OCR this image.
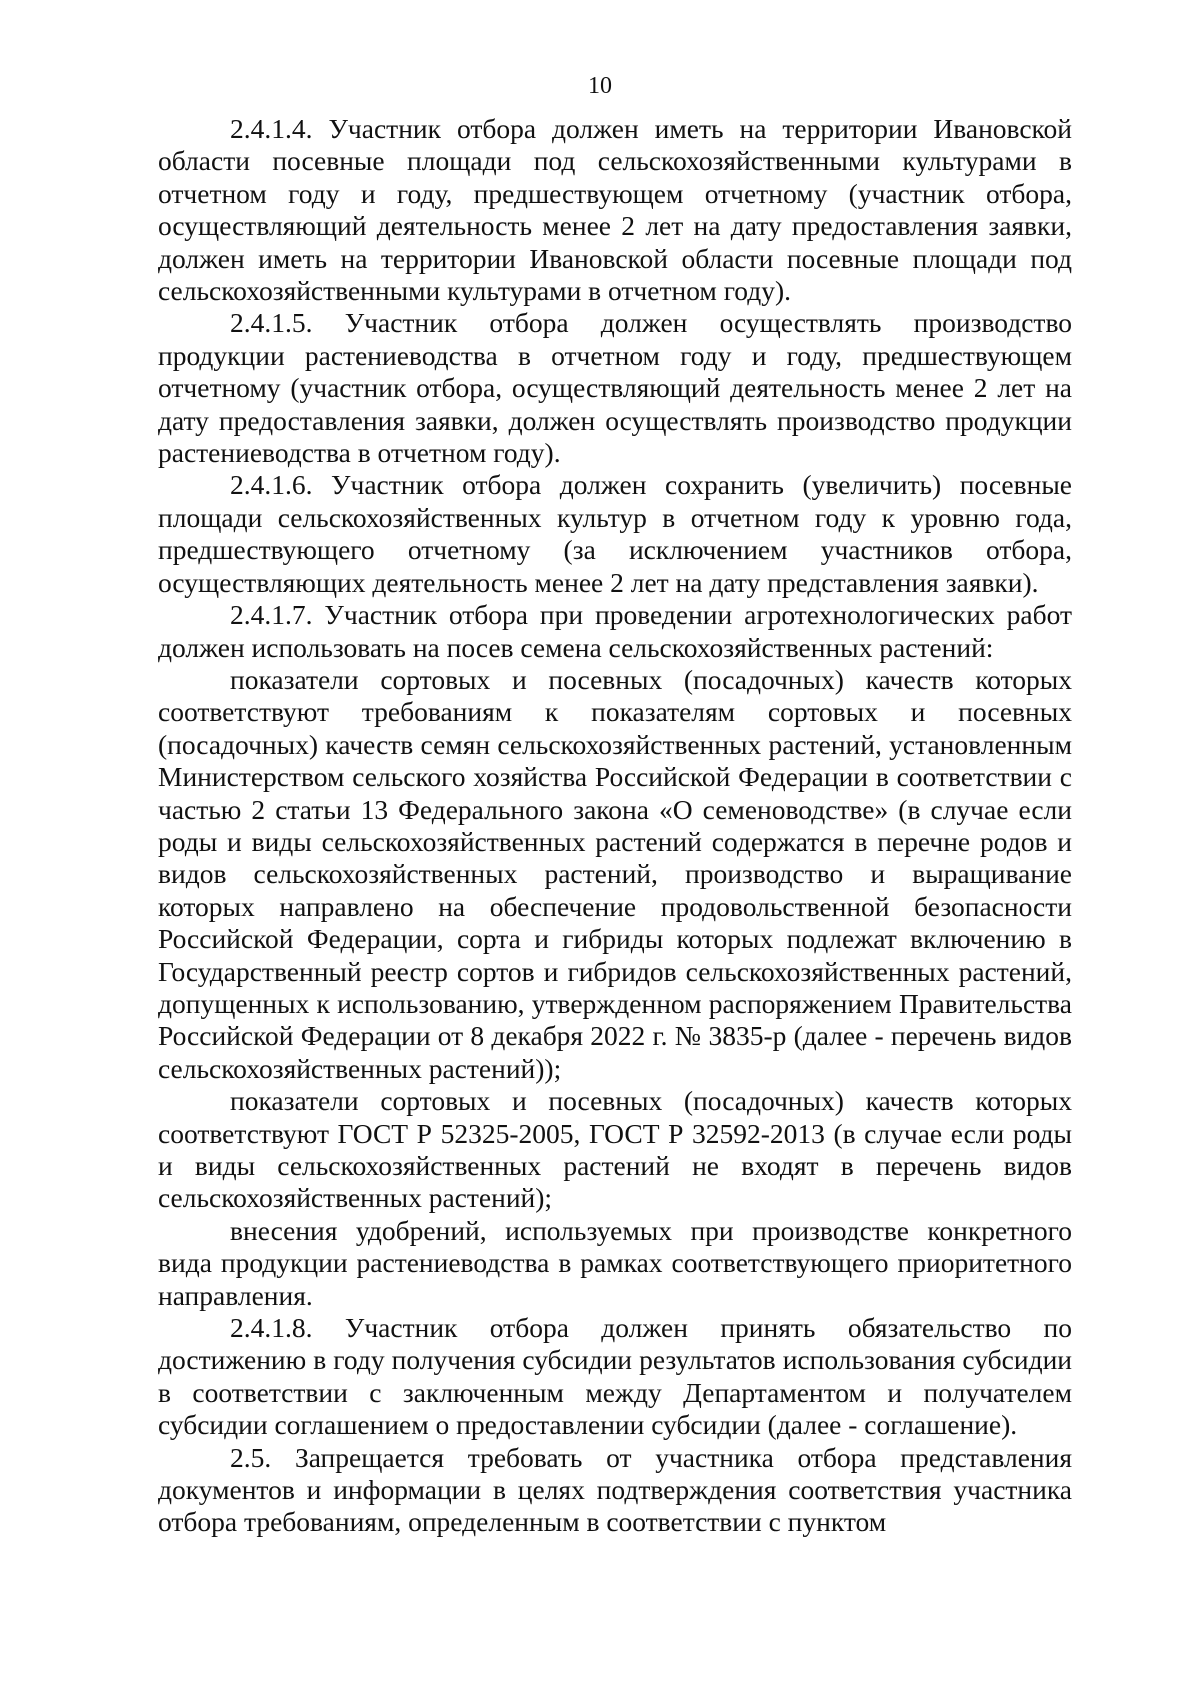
10

2.4.1.4. Участник отбора должен иметь на территории Ивановской области посевные площади под сельскохозяйственными культурами в отчетном году и году, предшествующем отчетному (участник отбора, осуществляющий деятельность менее 2 лет на дату предоставления заявки, должен иметь на территории Ивановской области посевные площади под сельскохозяйственными культурами в отчетном году).

2.4.1.5. Участник отбора должен осуществлять производство продукции растениеводства в отчетном году и году, предшествующем отчетному (участник отбора, осуществляющий деятельность менее 2 лет на дату предоставления заявки, должен осуществлять производство продукции растениеводства в отчетном году).

2.4.1.6. Участник отбора должен сохранить (увеличить) посевные площади сельскохозяйственных культур в отчетном году к уровню года, предшествующего отчетному (за исключением участников отбора, осуществляющих деятельность менее 2 лет на дату представления заявки).

2.4.1.7. Участник отбора при проведении агротехнологических работ должен использовать на посев семена сельскохозяйственных растений:

показатели сортовых и посевных (посадочных) качеств которых соответствуют требованиям к показателям сортовых и посевных (посадочных) качеств семян сельскохозяйственных растений, установленным Министерством сельского хозяйства Российской Федерации в соответствии с частью 2 статьи 13 Федерального закона «О семеноводстве» (в случае если роды и виды сельскохозяйственных растений содержатся в перечне родов и видов сельскохозяйственных растений, производство и выращивание которых направлено на обеспечение продовольственной безопасности Российской Федерации, сорта и гибриды которых подлежат включению в Государственный реестр сортов и гибридов сельскохозяйственных растений, допущенных к использованию, утвержденном распоряжением Правительства Российской Федерации от 8 декабря 2022 г. № 3835-р (далее - перечень видов сельскохозяйственных растений));

показатели сортовых и посевных (посадочных) качеств которых соответствуют ГОСТ Р 52325-2005, ГОСТ Р 32592-2013 (в случае если роды и виды сельскохозяйственных растений не входят в перечень видов сельскохозяйственных растений);

внесения удобрений, используемых при производстве конкретного вида продукции растениеводства в рамках соответствующего приоритетного направления.

2.4.1.8. Участник отбора должен принять обязательство по достижению в году получения субсидии результатов использования субсидии в соответствии с заключенным между Департаментом и получателем субсидии соглашением о предоставлении субсидии (далее - соглашение).

2.5. Запрещается требовать от участника отбора представления документов и информации в целях подтверждения соответствия участника отбора требованиям, определенным в соответствии с пунктом
